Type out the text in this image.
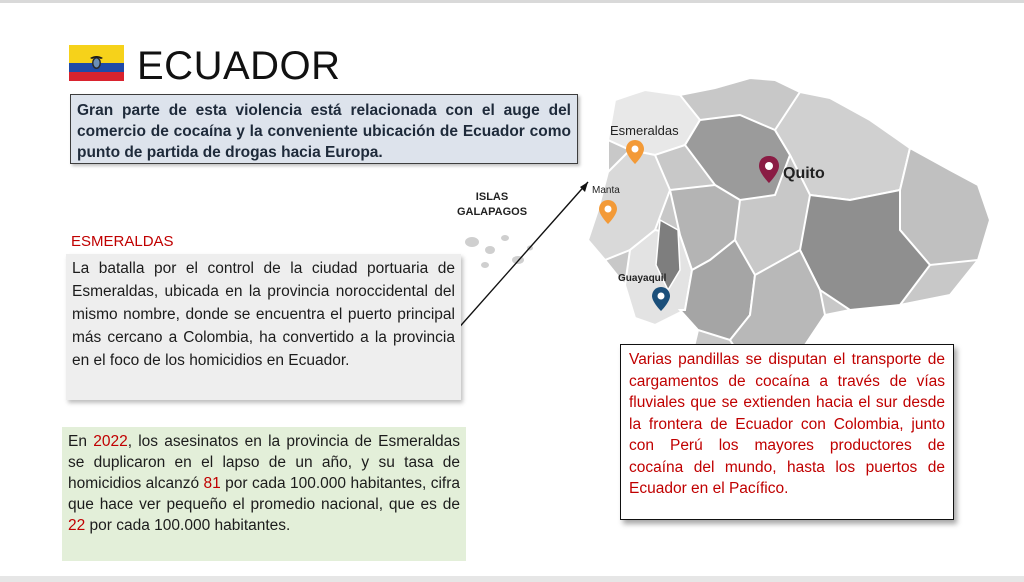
ECUADOR
Gran parte de esta violencia está relacionada con el auge del comercio de cocaína y la conveniente ubicación de Ecuador como punto de partida de drogas hacia Europa.
Esmeraldas
Manta
Quito
Guayaquil
ISLAS
GALAPAGOS
ESMERALDAS
La batalla por el control de la ciudad portuaria de Esmeraldas, ubicada en la provincia noroccidental del mismo nombre, donde se encuentra el puerto principal más cercano a Colombia, ha convertido a la provincia en el foco de los homicidios en Ecuador.
En 2022, los asesinatos en la provincia de Esmeraldas se duplicaron en el lapso de un año, y su tasa de homicidios alcanzó 81 por cada 100.000 habitantes, cifra que hace ver pequeño el promedio nacional, que es de 22 por cada 100.000 habitantes.
Varias pandillas se disputan el transporte de cargamentos de cocaína a través de vías fluviales que se extienden hacia el sur desde la frontera de Ecuador con Colombia, junto con Perú los mayores productores de cocaína del mundo, hasta los puertos de Ecuador en el Pacífico.
